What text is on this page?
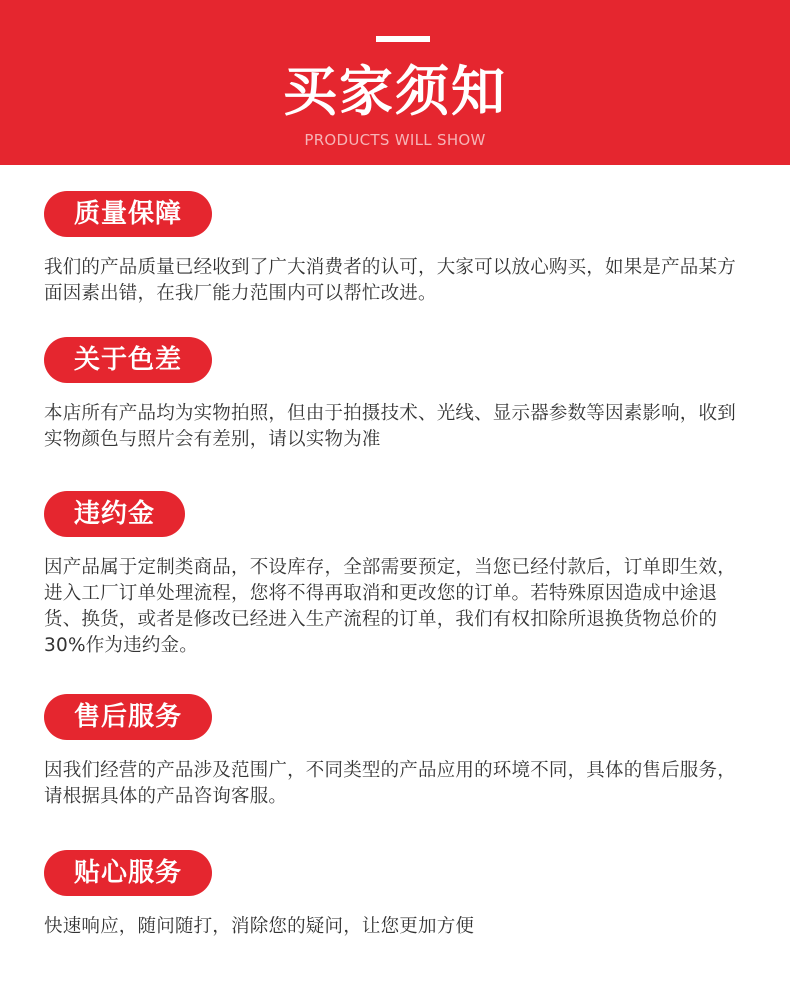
买家须知
PRODUCTS WILL SHOW
质量保障
我们的产品质量已经收到了广大消费者的认可，大家可以放心购买，如果是产品某方面因素出错，在我厂能力范围内可以帮忙改进。
关于色差
本店所有产品均为实物拍照，但由于拍摄技术、光线、显示器参数等因素影响，收到实物颜色与照片会有差别，请以实物为准
违约金
因产品属于定制类商品，不设库存，全部需要预定，当您已经付款后，订单即生效，进入工厂订单处理流程，您将不得再取消和更改您的订单。若特殊原因造成中途退货、换货，或者是修改已经进入生产流程的订单，我们有权扣除所退换货物总价的30%作为违约金。
售后服务
因我们经营的产品涉及范围广，不同类型的产品应用的环境不同，具体的售后服务，请根据具体的产品咨询客服。
贴心服务
快速响应，随问随打，消除您的疑问，让您更加方便
